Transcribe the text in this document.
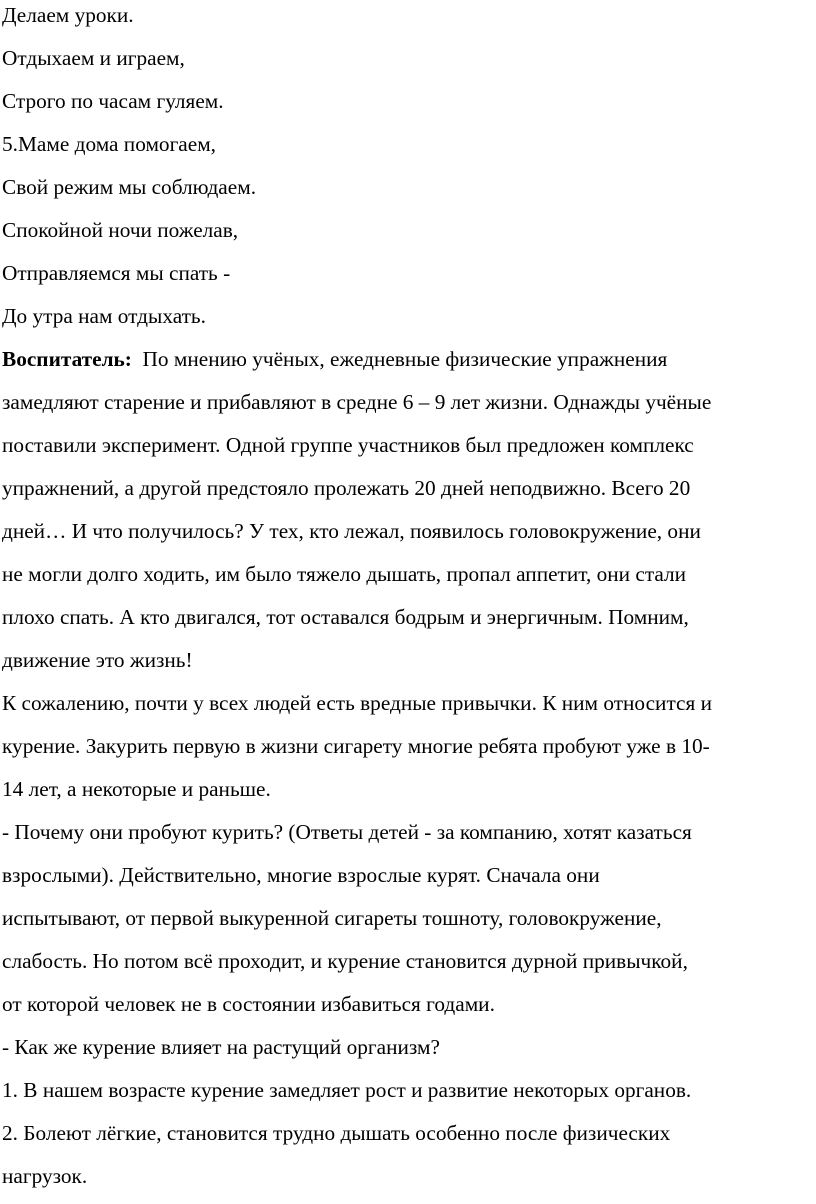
Делаем уроки.
Отдыхаем и играем,
Строго по часам гуляем.
5.Маме дома помогаем,
Свой режим мы соблюдаем.
Спокойной ночи пожелав,
Отправляемся мы спать -
До утра нам отдыхать.
Воспитатель:  По мнению учёных, ежедневные физические упражнения
замедляют старение и прибавляют в средне 6 – 9 лет жизни. Однажды учёные
поставили эксперимент. Одной группе участников был предложен комплекс
упражнений, а другой предстояло пролежать 20 дней неподвижно. Всего 20
дней… И что получилось? У тех, кто лежал, появилось головокружение, они
не могли долго ходить, им было тяжело дышать, пропал аппетит, они стали
плохо спать. А кто двигался, тот оставался бодрым и энергичным. Помним,
движение это жизнь!
К сожалению, почти у всех людей есть вредные привычки. К ним относится и
курение. Закурить первую в жизни сигарету многие ребята пробуют уже в 10-
14 лет, а некоторые и раньше.
- Почему они пробуют курить? (Ответы детей - за компанию, хотят казаться
взрослыми). Действительно, многие взрослые курят. Сначала они
испытывают, от первой выкуренной сигареты тошноту, головокружение,
слабость. Но потом всё проходит, и курение становится дурной привычкой,
от которой человек не в состоянии избавиться годами.
- Как же курение влияет на растущий организм?
1. В нашем возрасте курение замедляет рост и развитие некоторых органов.
2. Болеют лёгкие, становится трудно дышать особенно после физических
нагрузок.
